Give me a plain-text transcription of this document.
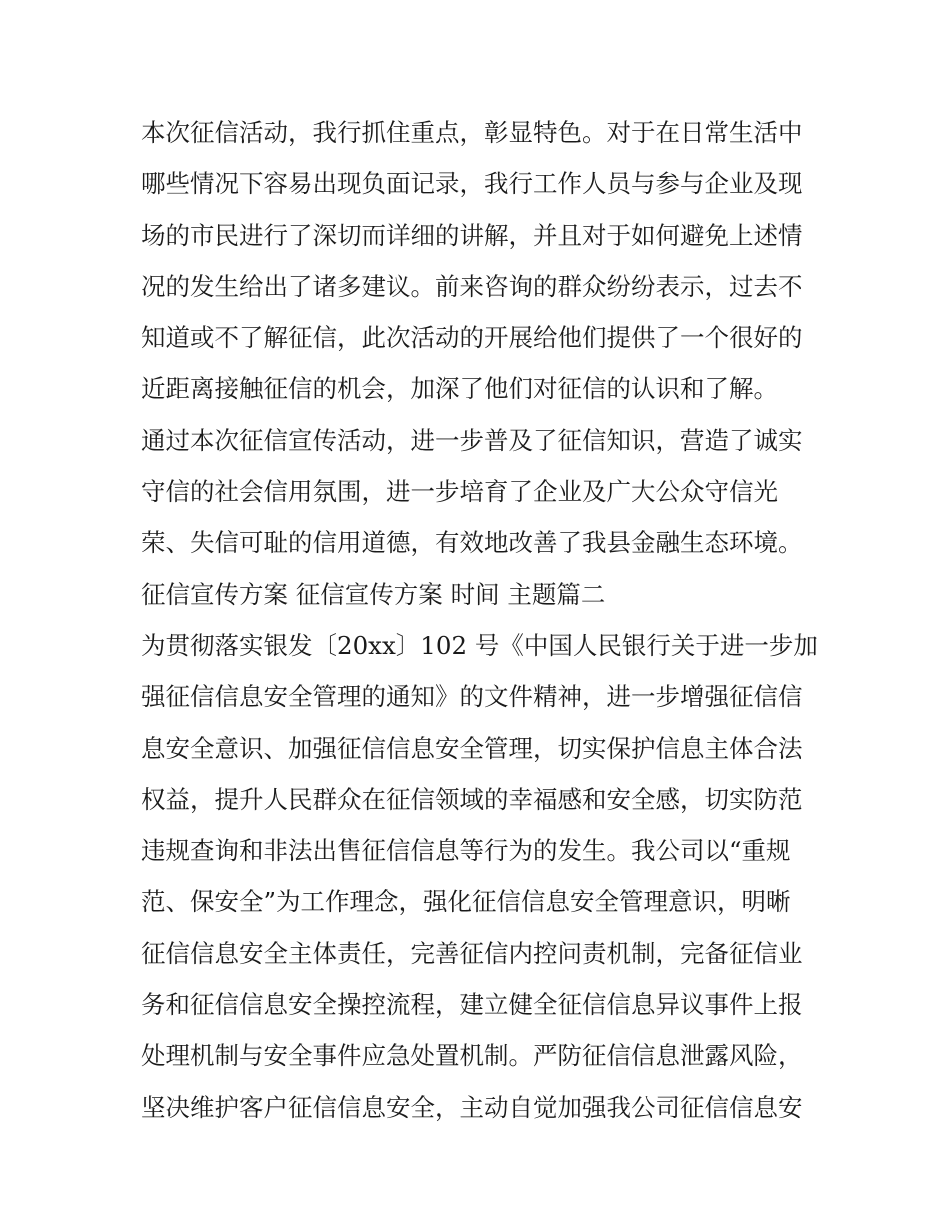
本次征信活动，我行抓住重点，彰显特色。对于在日常生活中
哪些情况下容易出现负面记录，我行工作人员与参与企业及现
场的市民进行了深切而详细的讲解，并且对于如何避免上述情
况的发生给出了诸多建议。前来咨询的群众纷纷表示，过去不
知道或不了解征信，此次活动的开展给他们提供了一个很好的
近距离接触征信的机会，加深了他们对征信的认识和了解。
通过本次征信宣传活动，进一步普及了征信知识，营造了诚实
守信的社会信用氛围，进一步培育了企业及广大公众守信光
荣、失信可耻的信用道德，有效地改善了我县金融生态环境。
征信宣传方案 征信宣传方案 时间 主题篇二
为贯彻落实银发〔20xx〕102 号《中国人民银行关于进一步加
强征信信息安全管理的通知》的文件精神，进一步增强征信信
息安全意识、加强征信信息安全管理，切实保护信息主体合法
权益，提升人民群众在征信领域的幸福感和安全感，切实防范
违规查询和非法出售征信信息等行为的发生。我公司以“重规
范、保安全”为工作理念，强化征信信息安全管理意识，明晰
征信信息安全主体责任，完善征信内控问责机制，完备征信业
务和征信信息安全操控流程，建立健全征信信息异议事件上报
处理机制与安全事件应急处置机制。严防征信信息泄露风险，
坚决维护客户征信信息安全，主动自觉加强我公司征信信息安
